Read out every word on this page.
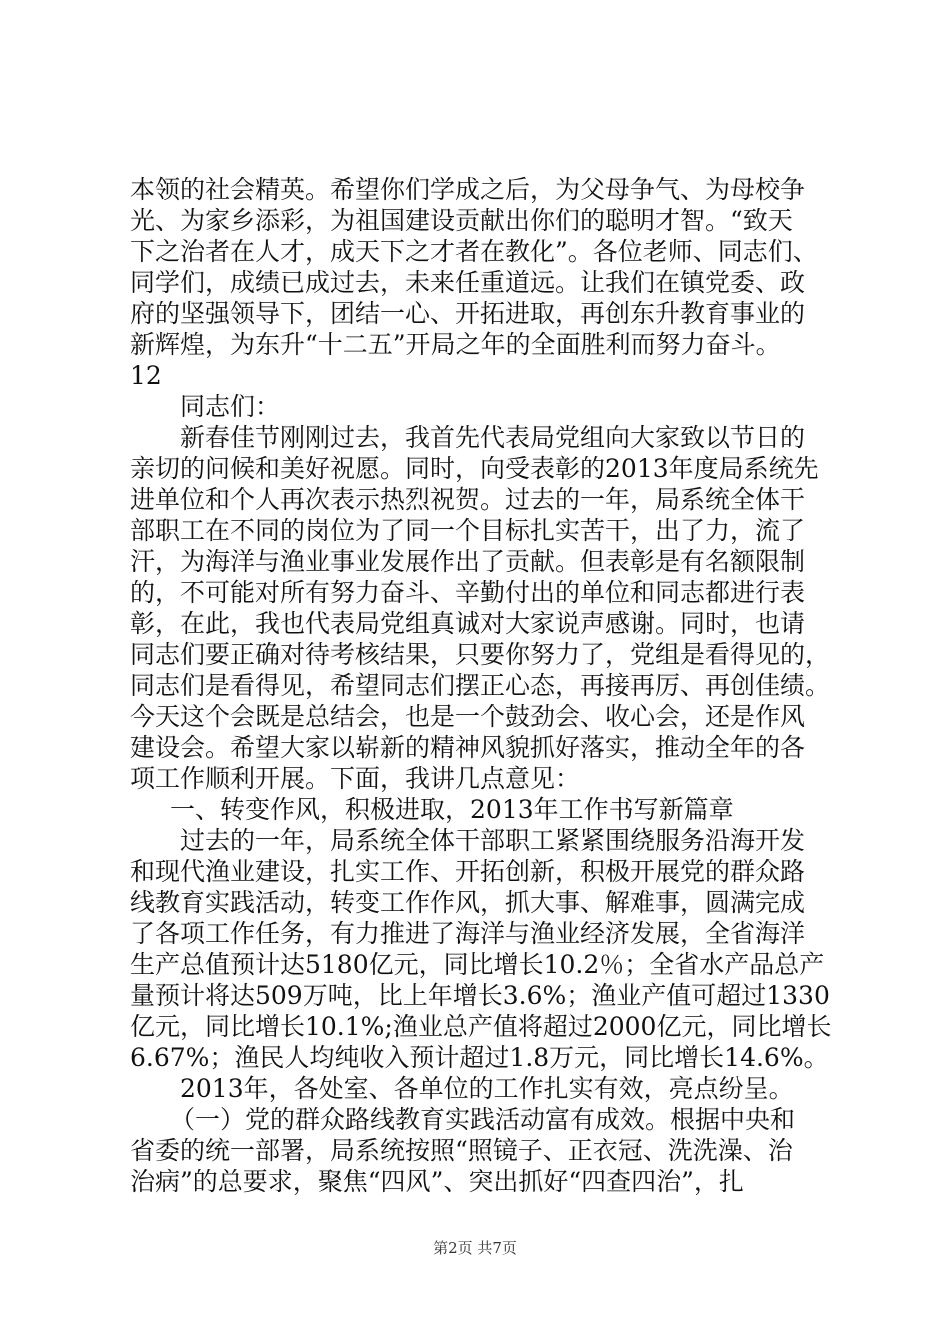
本领的社会精英。希望你们学成之后，为父母争气、为母校争
光、为家乡添彩，为祖国建设贡献出你们的聪明才智。“致天
下之治者在人才，成天下之才者在教化”。各位老师、同志们、
同学们，成绩已成过去，未来任重道远。让我们在镇党委、政
府的坚强领导下，团结一心、开拓进取，再创东升教育事业的
新辉煌，为东升“十二五”开局之年的全面胜利而努力奋斗。
12
同志们：
新春佳节刚刚过去，我首先代表局党组向大家致以节日的
亲切的问候和美好祝愿。同时，向受表彰的2013年度局系统先
进单位和个人再次表示热烈祝贺。过去的一年，局系统全体干
部职工在不同的岗位为了同一个目标扎实苦干，出了力，流了
汗，为海洋与渔业事业发展作出了贡献。但表彰是有名额限制
的，不可能对所有努力奋斗、辛勤付出的单位和同志都进行表
彰，在此，我也代表局党组真诚对大家说声感谢。同时，也请
同志们要正确对待考核结果，只要你努力了，党组是看得见的，
同志们是看得见，希望同志们摆正心态，再接再厉、再创佳绩。
今天这个会既是总结会，也是一个鼓劲会、收心会，还是作风
建设会。希望大家以崭新的精神风貌抓好落实，推动全年的各
项工作顺利开展。下面，我讲几点意见：
一、转变作风，积极进取，2013年工作书写新篇章
过去的一年，局系统全体干部职工紧紧围绕服务沿海开发
和现代渔业建设，扎实工作、开拓创新，积极开展党的群众路
线教育实践活动，转变工作作风，抓大事、解难事，圆满完成
了各项工作任务，有力推进了海洋与渔业经济发展，全省海洋
生产总值预计达5180亿元，同比增长10.2％；全省水产品总产
量预计将达509万吨，比上年增长3.6%；渔业产值可超过1330
亿元，同比增长10.1%;渔业总产值将超过2000亿元，同比增长
6.67%；渔民人均纯收入预计超过1.8万元，同比增长14.6%。
2013年，各处室、各单位的工作扎实有效，亮点纷呈。
（一）党的群众路线教育实践活动富有成效。根据中央和
省委的统一部署，局系统按照“照镜子、正衣冠、洗洗澡、治
治病”的总要求，聚焦“四风”、突出抓好“四查四治”，扎
第2页 共7页
